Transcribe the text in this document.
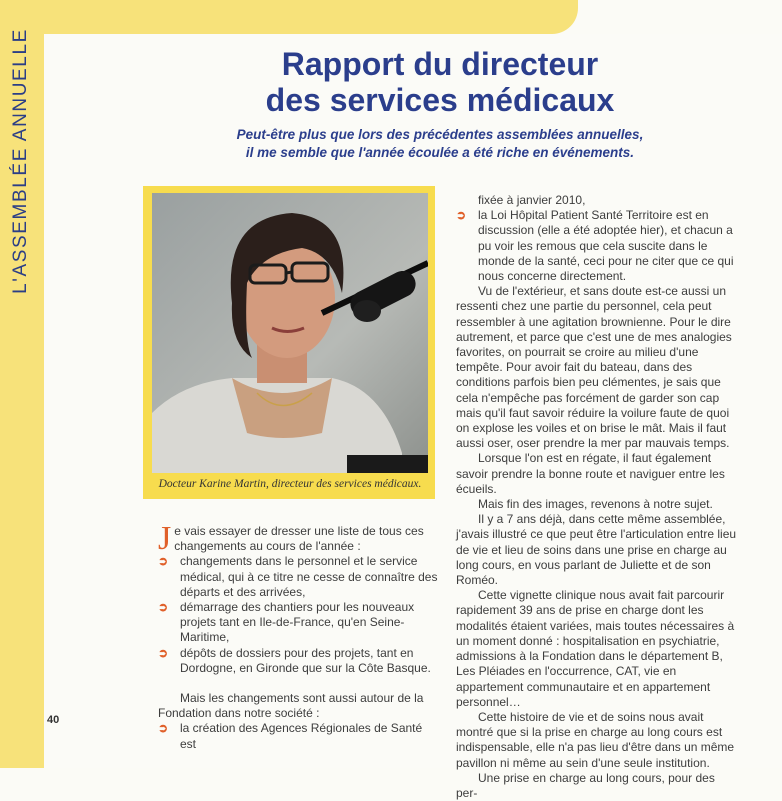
L'ASSEMBLÉE ANNUELLE	Rapport du directeur
des services médicaux

Peut-être plus que lors des précédentes assemblées annuelles,
il me semble que l'année écoulée a été riche en événements.

Docteur Karine Martin, directeur des services médicaux.

Je vais essayer de dresser une liste de tous ces changements au cours de l'année :

➲ changements dans le personnel et le service médical, qui à ce titre ne cesse de connaître des départs et des arrivées,

➲ démarrage des chantiers pour les nouveaux projets tant en Ile-de-France, qu'en Seine-Maritime,

➲ dépôts de dossiers pour des projets, tant en Dordogne, en Gironde que sur la Côte Basque.

Mais les changements sont aussi autour de la Fondation dans notre société :

➲ la création des Agences Régionales de Santé est

fixée à janvier 2010,

➲ la Loi Hôpital Patient Santé Territoire est en discussion (elle a été adoptée hier), et chacun a pu voir les remous que cela suscite dans le monde de la santé, ceci pour ne citer que ce qui nous concerne directement.

Vu de l'extérieur, et sans doute est-ce aussi un ressenti chez une partie du personnel, cela peut ressembler à une agitation brownienne. Pour le dire autrement, et parce que c'est une de mes analogies favorites, on pourrait se croire au milieu d'une tempête. Pour avoir fait du bateau, dans des conditions parfois bien peu clémentes, je sais que cela n'empêche pas forcément de garder son cap mais qu'il faut savoir réduire la voilure faute de quoi on explose les voiles et on brise le mât. Mais il faut aussi oser, oser prendre la mer par mauvais temps.

Lorsque l'on est en régate, il faut également savoir prendre la bonne route et naviguer entre les écueils.

Mais fin des images, revenons à notre sujet.

Il y a 7 ans déjà, dans cette même assemblée, j'avais illustré ce que peut être l'articulation entre lieu de vie et lieu de soins dans une prise en charge au long cours, en vous parlant de Juliette et de son Roméo.

Cette vignette clinique nous avait fait parcourir rapidement 39 ans de prise en charge dont les modalités étaient variées, mais toutes nécessaires à un moment donné : hospitalisation en psychiatrie, admissions à la Fondation dans le département B, Les Pléiades en l'occurrence, CAT, vie en appartement communautaire et en appartement personnel…

Cette histoire de vie et de soins nous avait montré que si la prise en charge au long cours est indispensable, elle n'a pas lieu d'être dans un même pavillon ni même au sein d'une seule institution.

Une prise en charge au long cours, pour des per-

40
